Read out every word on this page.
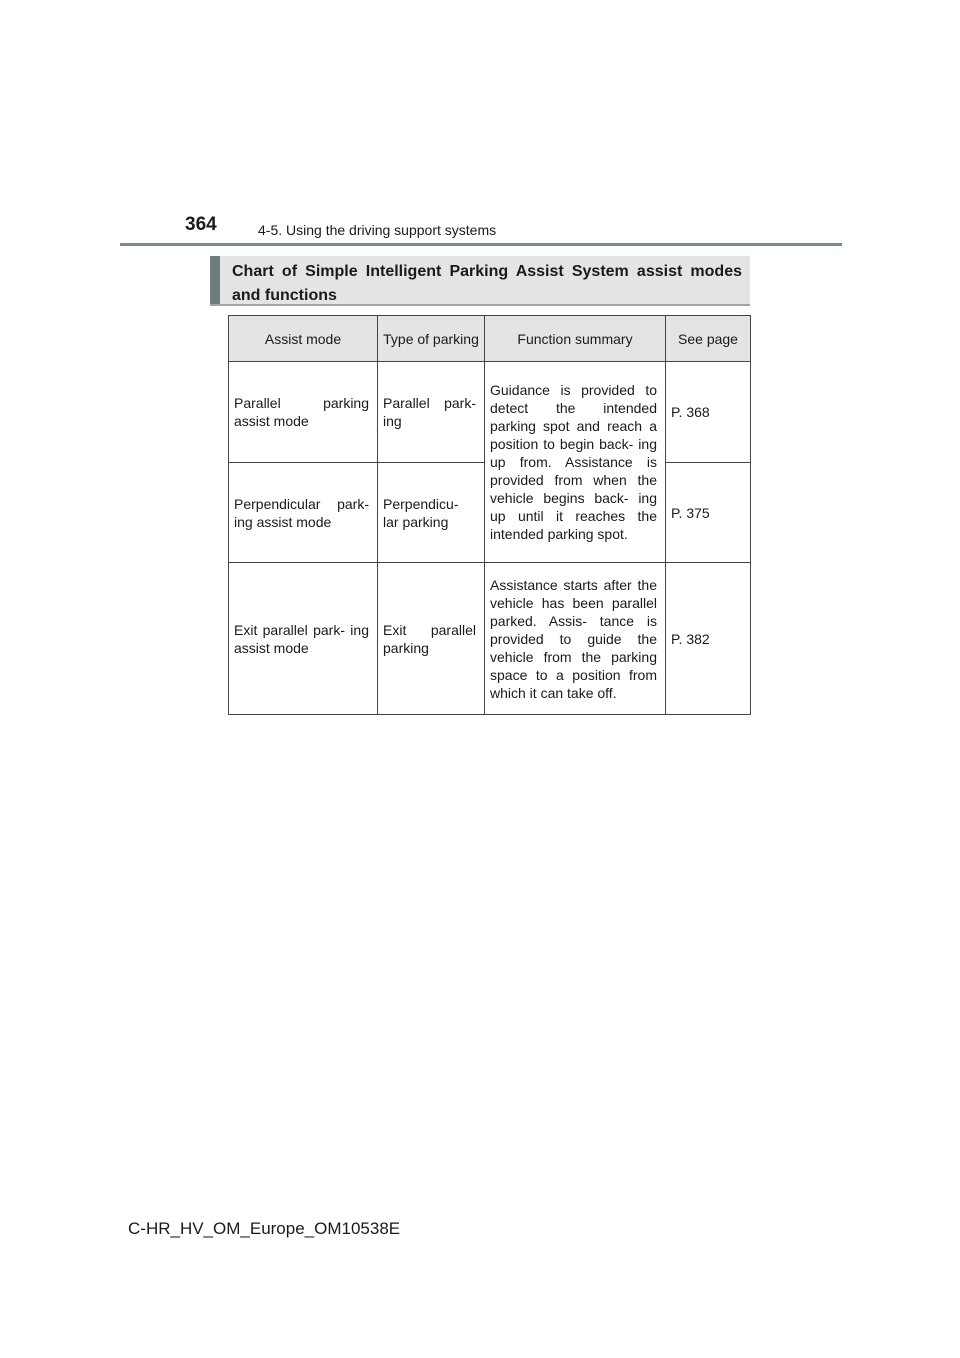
364	4-5. Using the driving support systems
Chart of Simple Intelligent Parking Assist System assist modes and functions
Assist mode	Type of parking	Function summary	See page
Parallel parking assist mode	Parallel park- ing	Guidance is provided to detect the intended parking spot and reach a position to begin back- ing up from. Assistance is provided from when the vehicle begins back- ing up until it reaches the intended parking spot.	P. 368
Perpendicular park- ing assist mode	Perpendicu- lar parking		P. 375
Exit parallel park- ing assist mode	Exit parallel parking	Assistance starts after the vehicle has been parallel parked. Assis- tance is provided to guide the vehicle from the parking space to a position from which it can take off.	P. 382
C-HR_HV_OM_Europe_OM10538E
